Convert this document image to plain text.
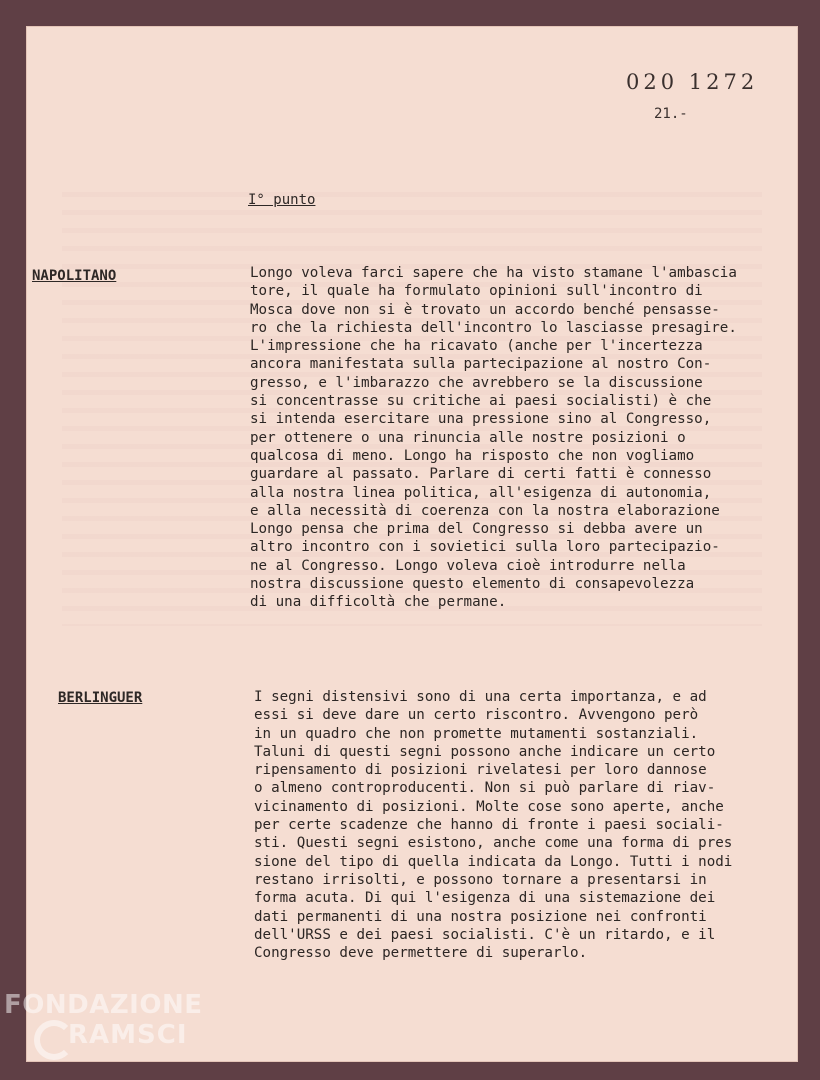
020 1272
21.-
I° punto
NAPOLITANO	Longo voleva farci sapere che ha visto stamane l'ambascia
tore, il quale ha formulato opinioni sull'incontro di
Mosca dove non si è trovato un accordo benché pensasse-
ro che la richiesta dell'incontro lo lasciasse presagire.
L'impressione che ha ricavato (anche per l'incertezza
ancora manifestata sulla partecipazione al nostro Con-
gresso, e l'imbarazzo che avrebbero se la discussione
si concentrasse su critiche ai paesi socialisti) è che
si intenda esercitare una pressione sino al Congresso,
per ottenere o una rinuncia alle nostre posizioni o
qualcosa di meno. Longo ha risposto che non vogliamo
guardare al passato. Parlare di certi fatti è connesso
alla nostra linea politica, all'esigenza di autonomia,
e alla necessità di coerenza con la nostra elaborazione
Longo pensa che prima del Congresso si debba avere un
altro incontro con i sovietici sulla loro partecipazio-
ne al Congresso. Longo voleva cioè introdurre nella
nostra discussione questo elemento di consapevolezza
di una difficoltà che permane.
BERLINGUER	I segni distensivi sono di una certa importanza, e ad
essi si deve dare un certo riscontro. Avvengono però
in un quadro che non promette mutamenti sostanziali.
Taluni di questi segni possono anche indicare un certo
ripensamento di posizioni rivelatesi per loro dannose
o almeno controproducenti. Non si può parlare di riav-
vicinamento di posizioni. Molte cose sono aperte, anche
per certe scadenze che hanno di fronte i paesi sociali-
sti. Questi segni esistono, anche come una forma di pres
sione del tipo di quella indicata da Longo. Tutti i nodi
restano irrisolti, e possono tornare a presentarsi in
forma acuta. Di qui l'esigenza di una sistemazione dei
dati permanenti di una nostra posizione nei confronti
dell'URSS e dei paesi socialisti. C'è un ritardo, e il
Congresso deve permettere di superarlo.
FONDAZIONE
RAMSCI
